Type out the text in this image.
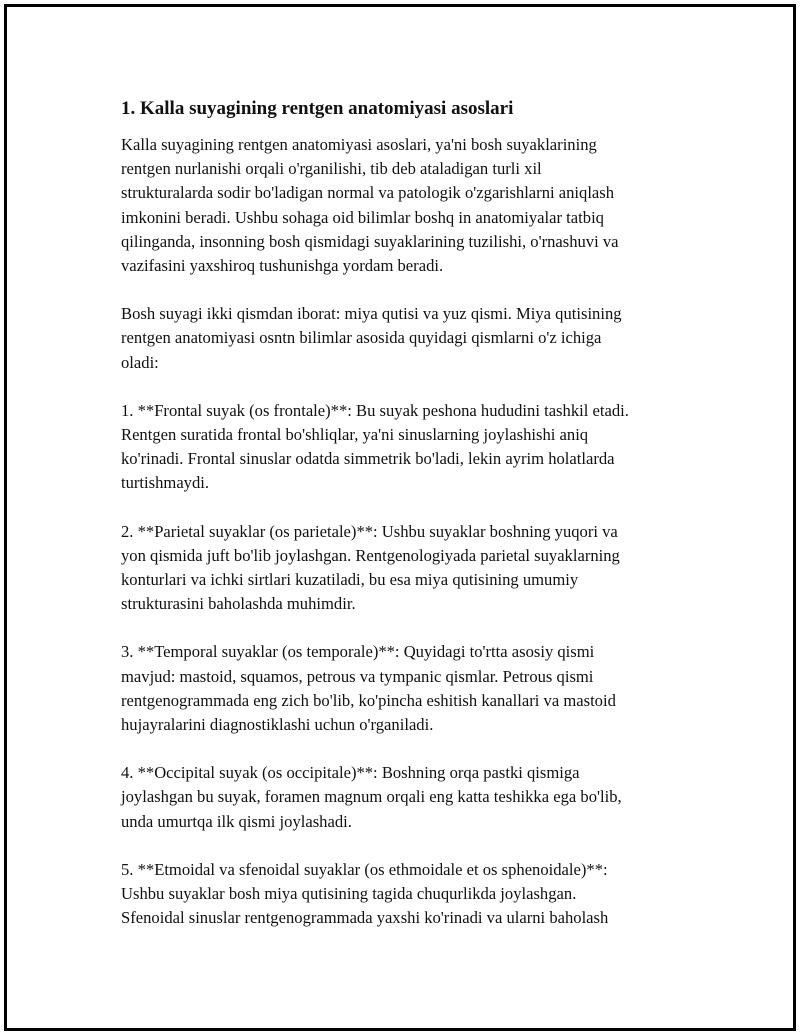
1. Kalla suyagining rentgen anatomiyasi asoslari

Kalla suyagining rentgen anatomiyasi asoslari, ya'ni bosh suyaklarining
rentgen nurlanishi orqali o'rganilishi, tib deb ataladigan turli xil
strukturalarda sodir bo'ladigan normal va patologik o'zgarishlarni aniqlash
imkonini beradi. Ushbu sohaga oid bilimlar boshq in anatomiyalar tatbiq
qilinganda, insonning bosh qismidagi suyaklarining tuzilishi, o'rnashuvi va
vazifasini yaxshiroq tushunishga yordam beradi.

Bosh suyagi ikki qismdan iborat: miya qutisi va yuz qismi. Miya qutisining
rentgen anatomiyasi osntn bilimlar asosida quyidagi qismlarni o'z ichiga
oladi:

1. **Frontal suyak (os frontale)**: Bu suyak peshona hududini tashkil etadi.
Rentgen suratida frontal bo'shliqlar, ya'ni sinuslarning joylashishi aniq
ko'rinadi. Frontal sinuslar odatda simmetrik bo'ladi, lekin ayrim holatlarda
turtishmaydi.

2. **Parietal suyaklar (os parietale)**: Ushbu suyaklar boshning yuqori va
yon qismida juft bo'lib joylashgan. Rentgenologiyada parietal suyaklarning
konturlari va ichki sirtlari kuzatiladi, bu esa miya qutisining umumiy
strukturasini baholashda muhimdir.

3. **Temporal suyaklar (os temporale)**: Quyidagi to'rtta asosiy qismi
mavjud: mastoid, squamos, petrous va tympanic qismlar. Petrous qismi
rentgenogrammada eng zich bo'lib, ko'pincha eshitish kanallari va mastoid
hujayralarini diagnostiklashi uchun o'rganiladi.

4. **Occipital suyak (os occipitale)**: Boshning orqa pastki qismiga
joylashgan bu suyak, foramen magnum orqali eng katta teshikka ega bo'lib,
unda umurtqa ilk qismi joylashadi.

5. **Etmoidal va sfenoidal suyaklar (os ethmoidale et os sphenoidale)**:
Ushbu suyaklar bosh miya qutisining tagida chuqurlikda joylashgan.
Sfenoidal sinuslar rentgenogrammada yaxshi ko'rinadi va ularni baholash
